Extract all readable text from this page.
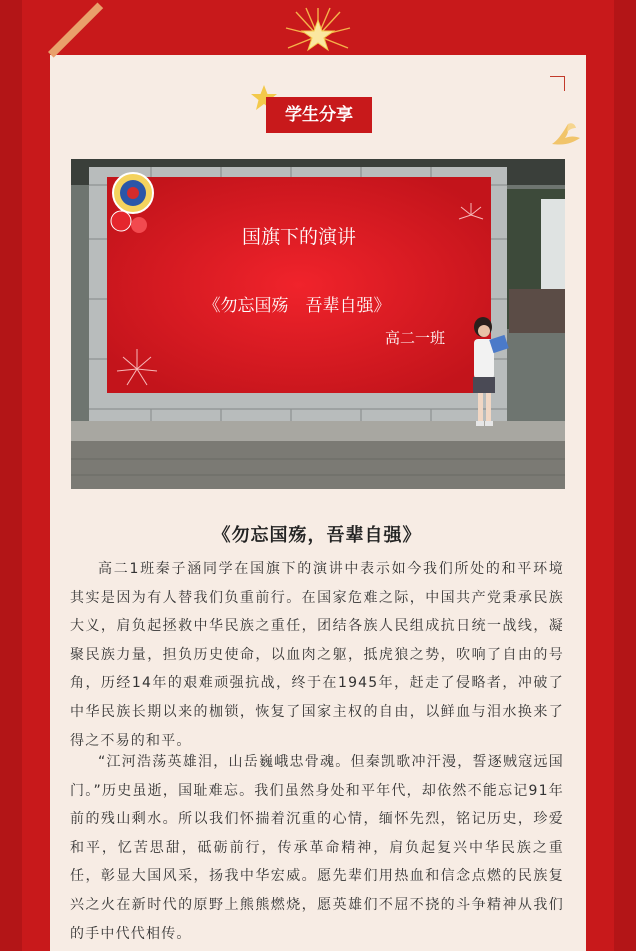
学生分享
国旗下的演讲
《勿忘国殇　吾辈自强》
高二一班
《勿忘国殇，吾辈自强》

高二1班秦子涵同学在国旗下的演讲中表示如今我们所处的和平环境其实是因为有人替我们负重前行。在国家危难之际，中国共产党秉承民族大义，肩负起拯救中华民族之重任，团结各族人民组成抗日统一战线，凝聚民族力量，担负历史使命，以血肉之躯，抵虎狼之势，吹响了自由的号角，历经14年的艰难顽强抗战，终于在1945年，赶走了侵略者，冲破了中华民族长期以来的枷锁，恢复了国家主权的自由，以鲜血与泪水换来了得之不易的和平。

“江河浩荡英雄泪，山岳巍峨忠骨魂。但秦凯歌冲汗漫，誓逐贼寇远国门。”历史虽逝，国耻难忘。我们虽然身处和平年代，却依然不能忘记91年前的残山剩水。所以我们怀揣着沉重的心情，缅怀先烈，铭记历史，珍爱和平，忆苦思甜，砥砺前行，传承革命精神，肩负起复兴中华民族之重任，彰显大国风采，扬我中华宏威。愿先辈们用热血和信念点燃的民族复兴之火在新时代的原野上熊熊燃烧，愿英雄们不屈不挠的斗争精神从我们的手中代代相传。
